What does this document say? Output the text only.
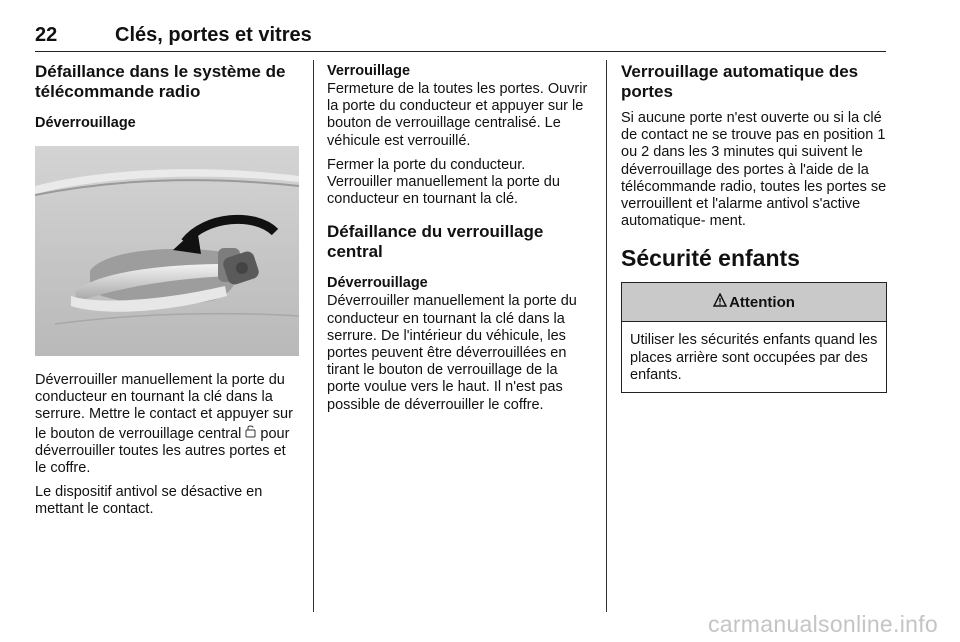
22	Clés, portes et vitres
Défaillance dans le système de télécommande radio
Déverrouillage

Déverrouiller manuellement la porte du conducteur en tournant la clé dans la serrure. Mettre le contact et appuyer sur le bouton de verrouillage central  pour déverrouiller toutes les autres portes et le coffre.

Le dispositif antivol se désactive en mettant le contact.

Verrouillage

Fermeture de la toutes les portes. Ouvrir la porte du conducteur et appuyer sur le bouton de verrouillage centralisé. Le véhicule est verrouillé.

Fermer la porte du conducteur. Verrouiller manuellement la porte du conducteur en tournant la clé.

Défaillance du verrouillage central
Déverrouillage

Déverrouiller manuellement la porte du conducteur en tournant la clé dans la serrure. De l'intérieur du véhicule, les portes peuvent être déverrouillées en tirant le bouton de verrouillage de la porte voulue vers le haut. Il n'est pas possible de déverrouiller le coffre.

Verrouillage automatique des portes

Si aucune porte n'est ouverte ou si la clé de contact ne se trouve pas en position 1 ou 2 dans les 3 minutes qui suivent le déverrouillage des portes à l'aide de la télécommande radio, toutes les portes se verrouillent et l'alarme antivol s'active automatique‐ ment.

Sécurité enfants
Attention

Utiliser les sécurités enfants quand les places arrière sont occupées par des enfants.

carmanualsonline.info
